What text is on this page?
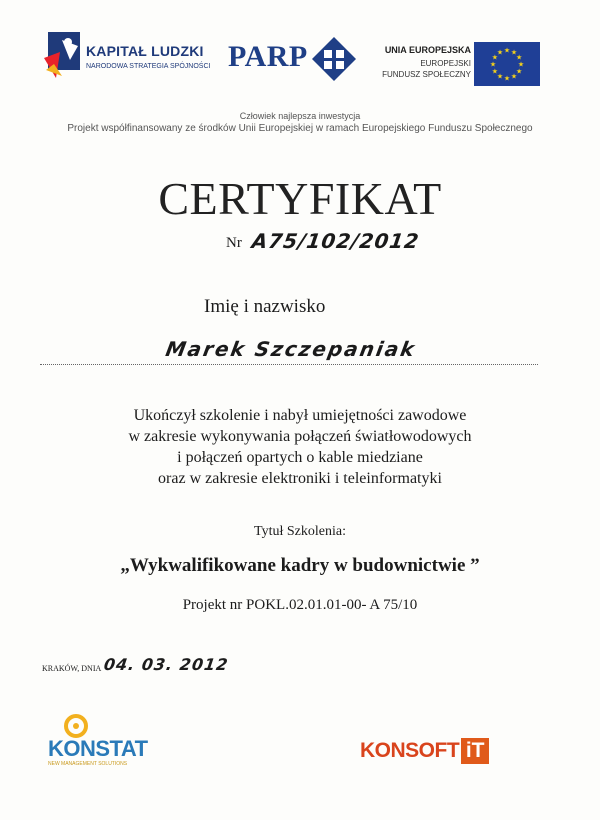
KAPITAŁ LUDZKI
NARODOWA STRATEGIA SPÓJNOŚCI PARP	UNIA EUROPEJSKA
EUROPEJSKI
FUNDUSZ SPOŁECZNY
★ ★
★
★
★
★
★
★
★
★
★
★
Człowiek najlepsza inwestycja
Projekt współfinansowany ze środków Unii Europejskiej w ramach Europejskiego Funduszu Społecznego
CERTYFIKAT
Nr A75/102/2012
Imię i nazwisko
Marek Szczepaniak
Ukończył szkolenie i nabył umiejętności zawodowe
w zakresie wykonywania połączeń światłowodowych
i połączeń opartych o kable miedziane
oraz w zakresie elektroniki i teleinformatyki
Tytuł Szkolenia:
„Wykwalifikowane kadry w budownictwie ”
Projekt nr POKL.02.01.01-00- A 75/10
KRAKÓW, DNIA 04. 03. 2012
KONSTAT
NEW MANAGEMENT SOLUTIONS
KONSOFT iT
